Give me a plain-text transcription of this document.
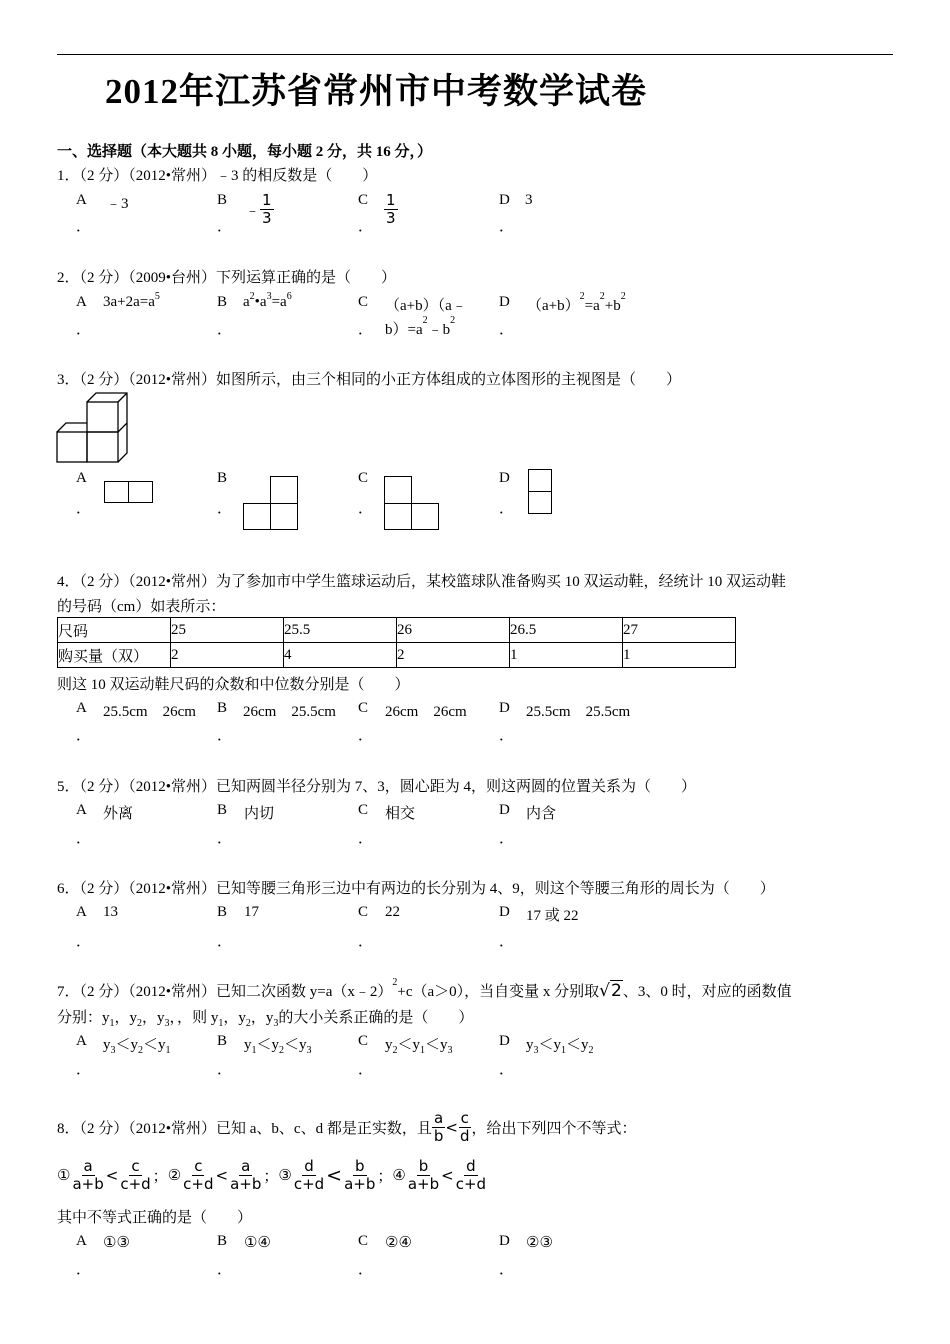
2012年江苏省常州市中考数学试卷
一、选择题（本大题共 8 小题，每小题 2 分，共 16 分，）
1．（2 分）（2012•常州）﹣3 的相反数是（　　）
A ﹣3
．
B
﹣ $\frac{1}{3}$
．
C $\frac{1}{3}$
．
D 3
．
2．（2 分）（2009•台州）下列运算正确的是（　　）
A $3a+2a=a^5$
．
B $a^2•a^3=a^6$
．
C （a+b）（a﹣
． $b)=a^2﹣b^2$
D $(a+b)^2=a^2+b^2$
．
3．（2 分）（2012•常州）如图所示，由三个相同的小正方体组成的立体图形的主视图是（　　）
A
．
B
．
C
．
D
．
4．（2 分）（2012•常州）为了参加市中学生篮球运动后，某校篮球队准备购买 10 双运动鞋，经统计 10 双运动鞋
的号码（cm）如表所示：
尺码	25	25.5	26	26.5	27
购买量（双）	2	4	2	1	1
则这 10 双运动鞋尺码的众数和中位数分别是（　　）
A 25.5cm　26cm
．
B 26cm　25.5cm
．
C 26cm　26cm
．
D 25.5cm　25.5cm
．
5．（2 分）（2012•常州）已知两圆半径分别为 7、3，圆心距为 4，则这两圆的位置关系为（　　）
A 外离
．
B 内切
．
C 相交
．
D 内含
．
6．（2 分）（2012•常州）已知等腰三角形三边中有两边的长分别为 4、9，则这个等腰三角形的周长为（　　）
A 13
．
B 17
．
C 22
．
D 17 或 22
．
7．（2 分）（2012•常州）已知二次函数 y=a（x﹣2）$^2$+c（a＞0），当自变量 x 分别取√2、3、0 时，对应的函数值
分别：$y_1$，$y_2$，$y_3$，，则 $y_1$，$y_2$，$y_3$的大小关系正确的是（　　）
A $y_3<y_2<y_1$
．
B $y_1<y_2<y_3$
．
C $y_2<y_1<y_3$
．
D $y_3<y_1<y_2$
．
8．（2 分）（2012•常州）已知 a、b、c、d 都是正实数，且 $\frac{a}{b} < \frac{c}{d}$ ，给出下列四个不等式：
① $\frac{a}{a+b} < \frac{c}{c+d}$ ；② $\frac{c}{c+d} < \frac{a}{a+b}$ ；③ $\frac{d}{c+d} < \frac{b}{a+b}$ ；④ $\frac{b}{a+b} < \frac{d}{c+d}$
其中不等式正确的是（　　）
A ①③
．
B ①④
．
C ②④
．
D ②③
．
